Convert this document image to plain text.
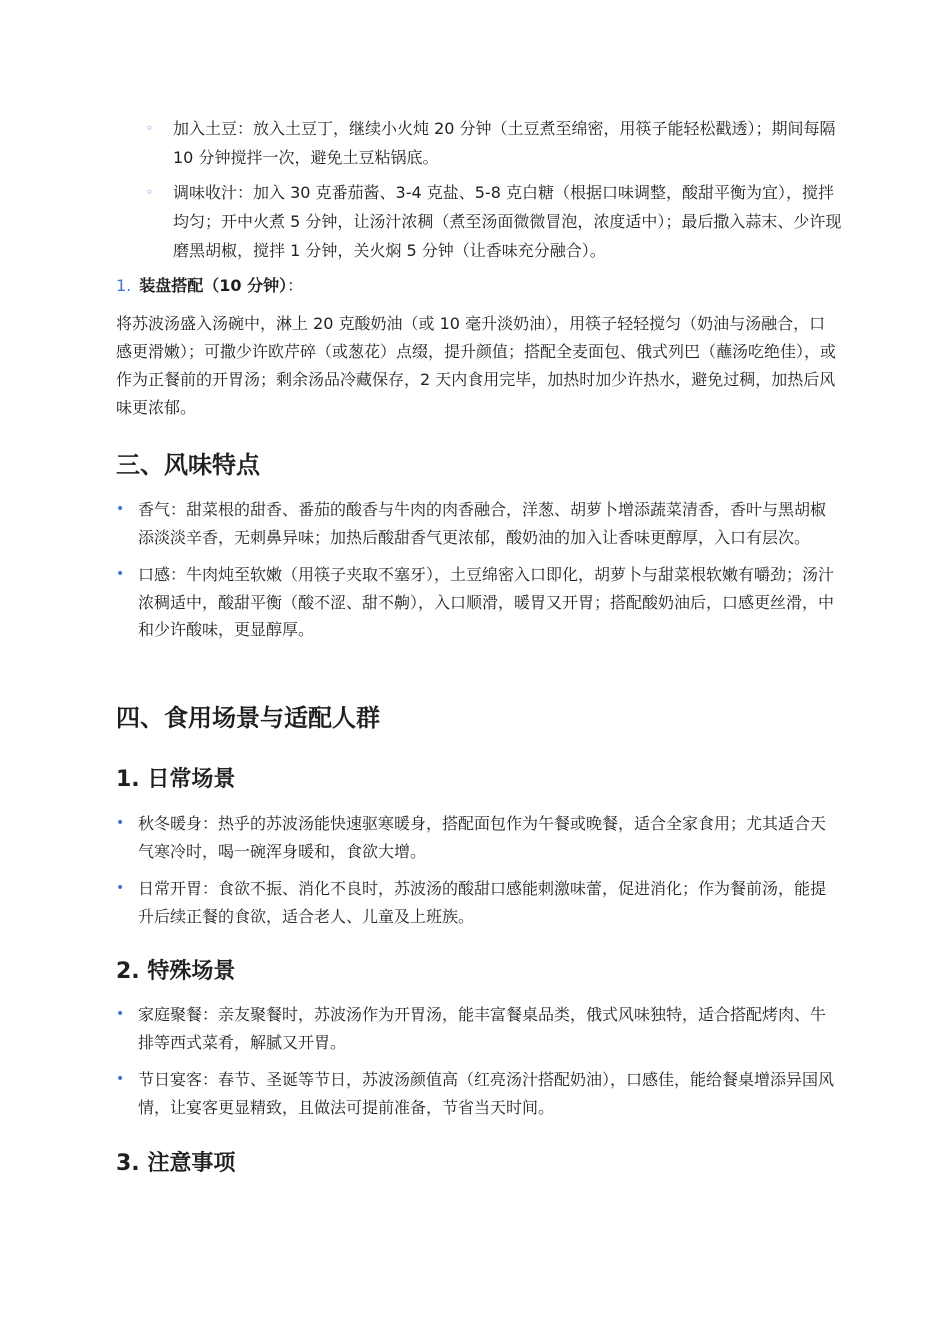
◦ 加入土豆：放入土豆丁，继续小火炖 20 分钟（土豆煮至绵密，用筷子能轻松戳透）；期间每隔 10 分钟搅拌一次，避免土豆粘锅底。
◦ 调味收汁：加入 30 克番茄酱、3-4 克盐、5-8 克白糖（根据口味调整，酸甜平衡为宜），搅拌均匀；开中火煮 5 分钟，让汤汁浓稠（煮至汤面微微冒泡，浓度适中）；最后撒入蒜末、少许现磨黑胡椒，搅拌 1 分钟，关火焖 5 分钟（让香味充分融合）。
1. 装盘搭配（10 分钟）：

将苏波汤盛入汤碗中，淋上 20 克酸奶油（或 10 毫升淡奶油），用筷子轻轻搅匀（奶油与汤融合，口感更滑嫩）；可撒少许欧芹碎（或葱花）点缀，提升颜值；搭配全麦面包、俄式列巴（蘸汤吃绝佳），或作为正餐前的开胃汤；剩余汤品冷藏保存，2 天内食用完毕，加热时加少许热水，避免过稠，加热后风味更浓郁。

三、风味特点
• 香气：甜菜根的甜香、番茄的酸香与牛肉的肉香融合，洋葱、胡萝卜增添蔬菜清香，香叶与黑胡椒添淡淡辛香，无刺鼻异味；加热后酸甜香气更浓郁，酸奶油的加入让香味更醇厚，入口有层次。
• 口感：牛肉炖至软嫩（用筷子夹取不塞牙），土豆绵密入口即化，胡萝卜与甜菜根软嫩有嚼劲；汤汁浓稠适中，酸甜平衡（酸不涩、甜不齁），入口顺滑，暖胃又开胃；搭配酸奶油后，口感更丝滑，中和少许酸味，更显醇厚。
四、食用场景与适配人群
1. 日常场景
• 秋冬暖身：热乎的苏波汤能快速驱寒暖身，搭配面包作为午餐或晚餐，适合全家食用；尤其适合天气寒冷时，喝一碗浑身暖和，食欲大增。
• 日常开胃：食欲不振、消化不良时，苏波汤的酸甜口感能刺激味蕾，促进消化；作为餐前汤，能提升后续正餐的食欲，适合老人、儿童及上班族。
2. 特殊场景
• 家庭聚餐：亲友聚餐时，苏波汤作为开胃汤，能丰富餐桌品类，俄式风味独特，适合搭配烤肉、牛排等西式菜肴，解腻又开胃。
• 节日宴客：春节、圣诞等节日，苏波汤颜值高（红亮汤汁搭配奶油），口感佳，能给餐桌增添异国风情，让宴客更显精致，且做法可提前准备，节省当天时间。
3. 注意事项
